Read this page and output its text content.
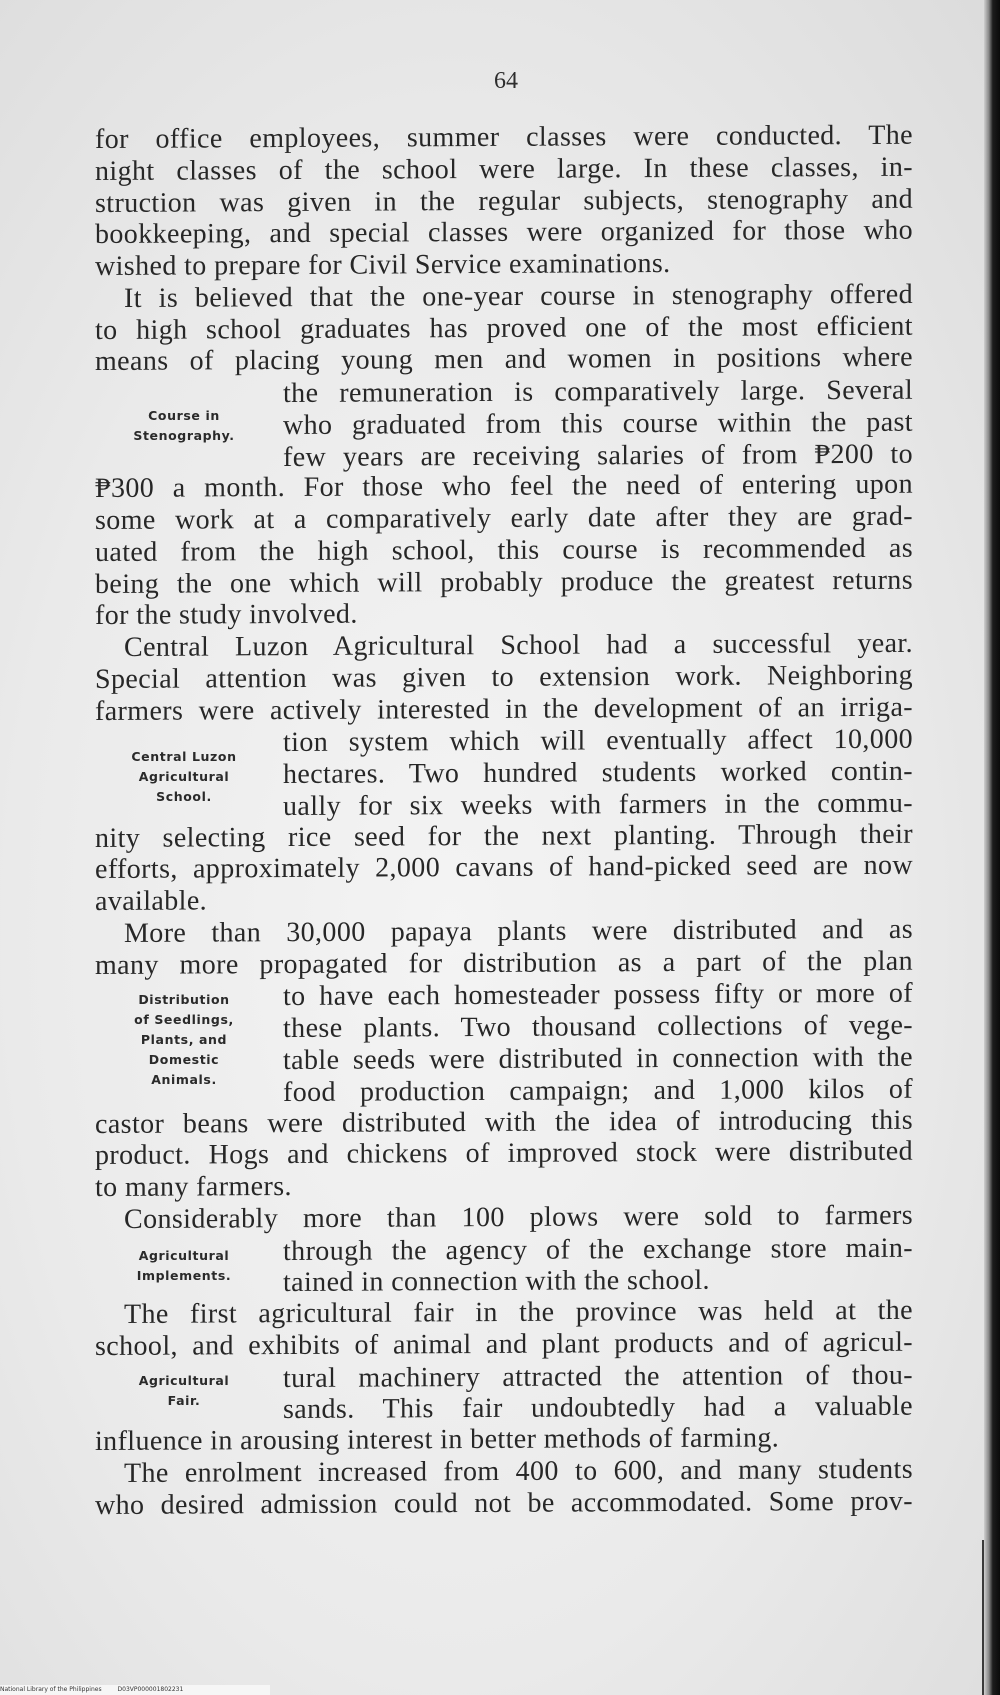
64
for office employees, summer classes were conducted. The
night classes of the school were large. In these classes, in-
struction was given in the regular subjects, stenography and
bookkeeping, and special classes were organized for those who
wished to prepare for Civil Service examinations.
It is believed that the one-year course in stenography offered
to high school graduates has proved one of the most efficient
means of placing young men and women in positions where
the remuneration is comparatively large. Several
who graduated from this course within the past
few years are receiving salaries of from ₱200 to
₱300 a month. For those who feel the need of entering upon
some work at a comparatively early date after they are grad-
uated from the high school, this course is recommended as
being the one which will probably produce the greatest returns
for the study involved.
Central Luzon Agricultural School had a successful year.
Special attention was given to extension work. Neighboring
farmers were actively interested in the development of an irriga-
tion system which will eventually affect 10,000
hectares. Two hundred students worked contin-
ually for six weeks with farmers in the commu-
nity selecting rice seed for the next planting. Through their
efforts, approximately 2,000 cavans of hand-picked seed are now
available.
More than 30,000 papaya plants were distributed and as
many more propagated for distribution as a part of the plan
to have each homesteader possess fifty or more of
these plants. Two thousand collections of vege-
table seeds were distributed in connection with the
food production campaign; and 1,000 kilos of
castor beans were distributed with the idea of introducing this
product. Hogs and chickens of improved stock were distributed
to many farmers.
Considerably more than 100 plows were sold to farmers
through the agency of the exchange store main-
tained in connection with the school.
The first agricultural fair in the province was held at the
school, and exhibits of animal and plant products and of agricul-
tural machinery attracted the attention of thou-
sands. This fair undoubtedly had a valuable
influence in arousing interest in better methods of farming.
The enrolment increased from 400 to 600, and many students
who desired admission could not be accommodated. Some prov-
Course in
Stenography.
Central Luzon
Agricultural
School.
Distribution
of Seedlings,
Plants, and
Domestic
Animals.
Agricultural
Implements.
Agricultural
Fair.
National Library of the Philippines	D03VP000001802231
